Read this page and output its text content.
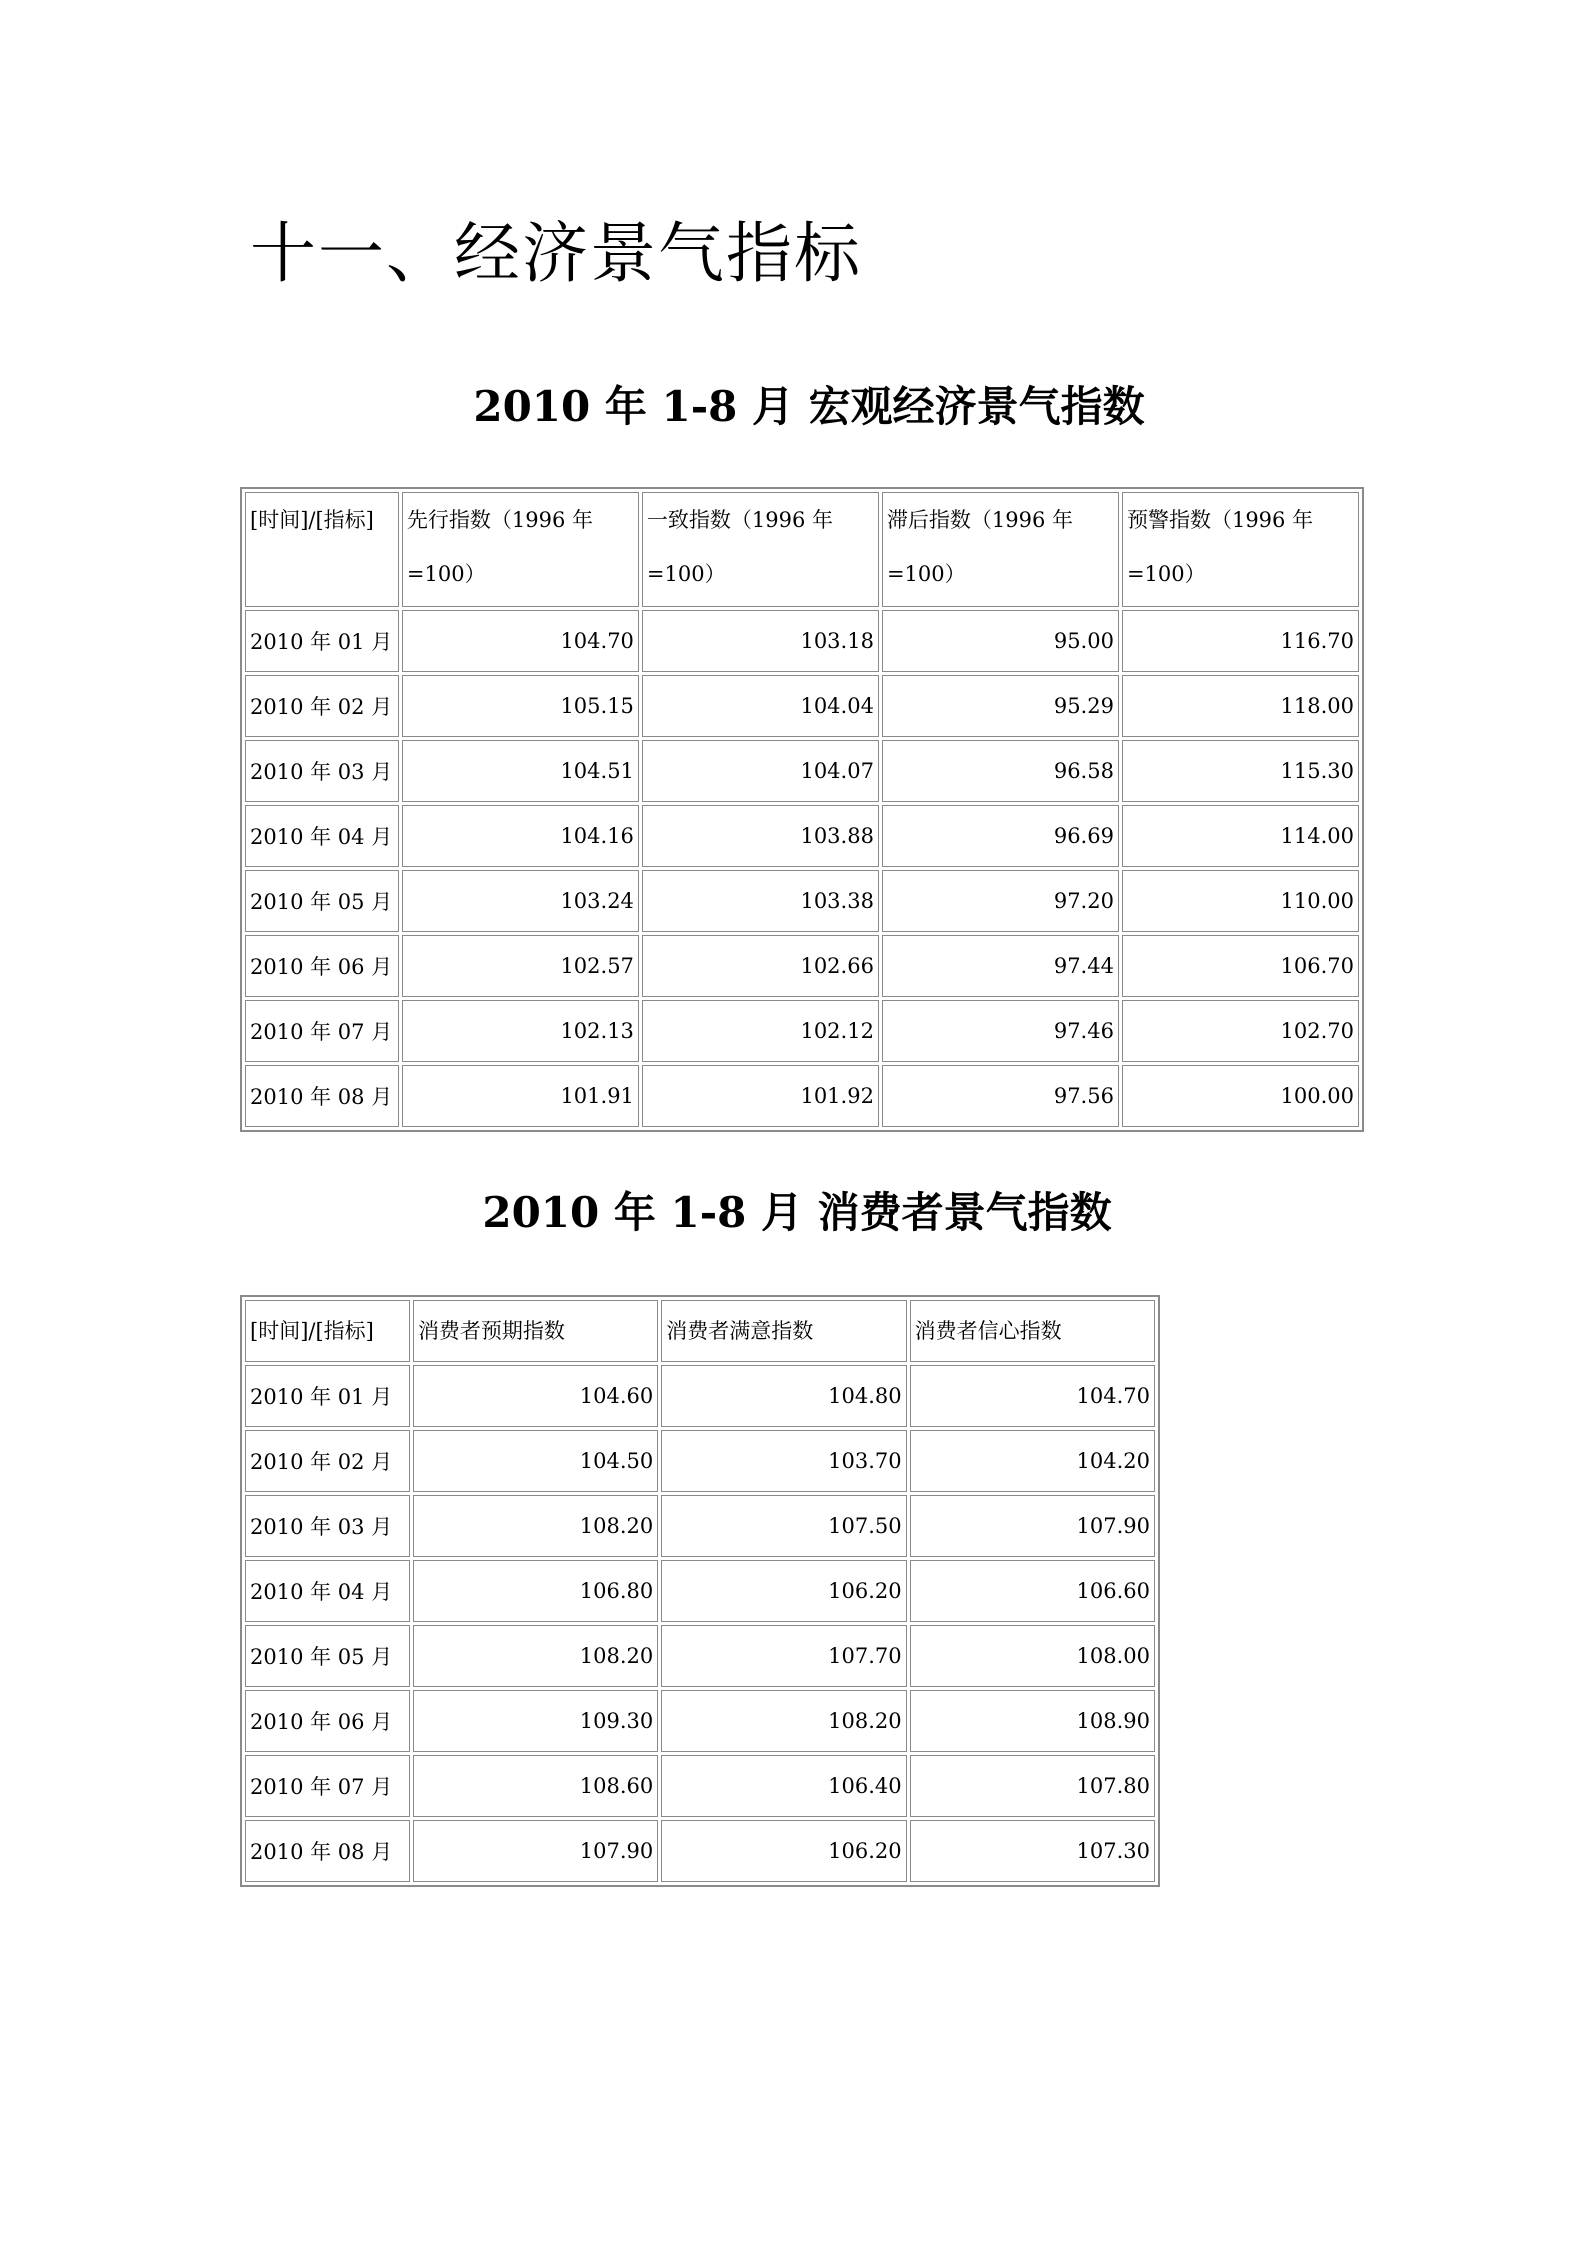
十一、经济景气指标
2010 年 1-8 月 宏观经济景气指数
[时间]/[指标]	先行指数（1996 年=100）	一致指数（1996 年=100）	滞后指数（1996 年=100）	预警指数（1996 年=100）
2010 年 01 月	104.70	103.18	95.00	116.70
2010 年 02 月	105.15	104.04	95.29	118.00
2010 年 03 月	104.51	104.07	96.58	115.30
2010 年 04 月	104.16	103.88	96.69	114.00
2010 年 05 月	103.24	103.38	97.20	110.00
2010 年 06 月	102.57	102.66	97.44	106.70
2010 年 07 月	102.13	102.12	97.46	102.70
2010 年 08 月	101.91	101.92	97.56	100.00
2010 年 1-8 月 消费者景气指数
[时间]/[指标]	消费者预期指数	消费者满意指数	消费者信心指数
2010 年 01 月	104.60	104.80	104.70
2010 年 02 月	104.50	103.70	104.20
2010 年 03 月	108.20	107.50	107.90
2010 年 04 月	106.80	106.20	106.60
2010 年 05 月	108.20	107.70	108.00
2010 年 06 月	109.30	108.20	108.90
2010 年 07 月	108.60	106.40	107.80
2010 年 08 月	107.90	106.20	107.30
